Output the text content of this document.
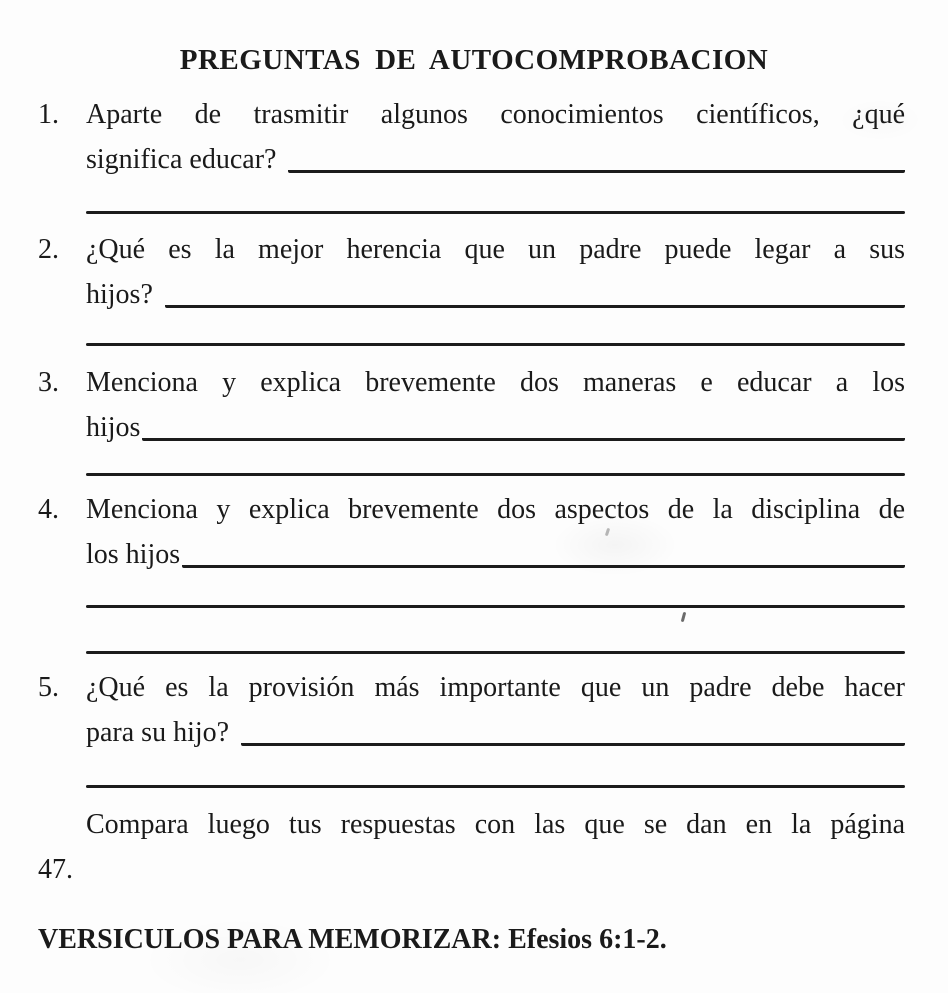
PREGUNTAS DE AUTOCOMPROBACION
1. Aparte de trasmitir algunos conocimientos científicos, ¿qué
significa educar?
2. ¿Qué es la mejor herencia que un padre puede legar a sus
hijos?
3. Menciona y explica brevemente dos maneras e educar a los
hijos
4. Menciona y explica brevemente dos aspectos de la disciplina de
los hijos
5. ¿Qué es la provisión más importante que un padre debe hacer
para su hijo?
Compara luego tus respuestas con las que se dan en la página
47.
VERSICULOS PARA MEMORIZAR: Efesios 6:1-2.
